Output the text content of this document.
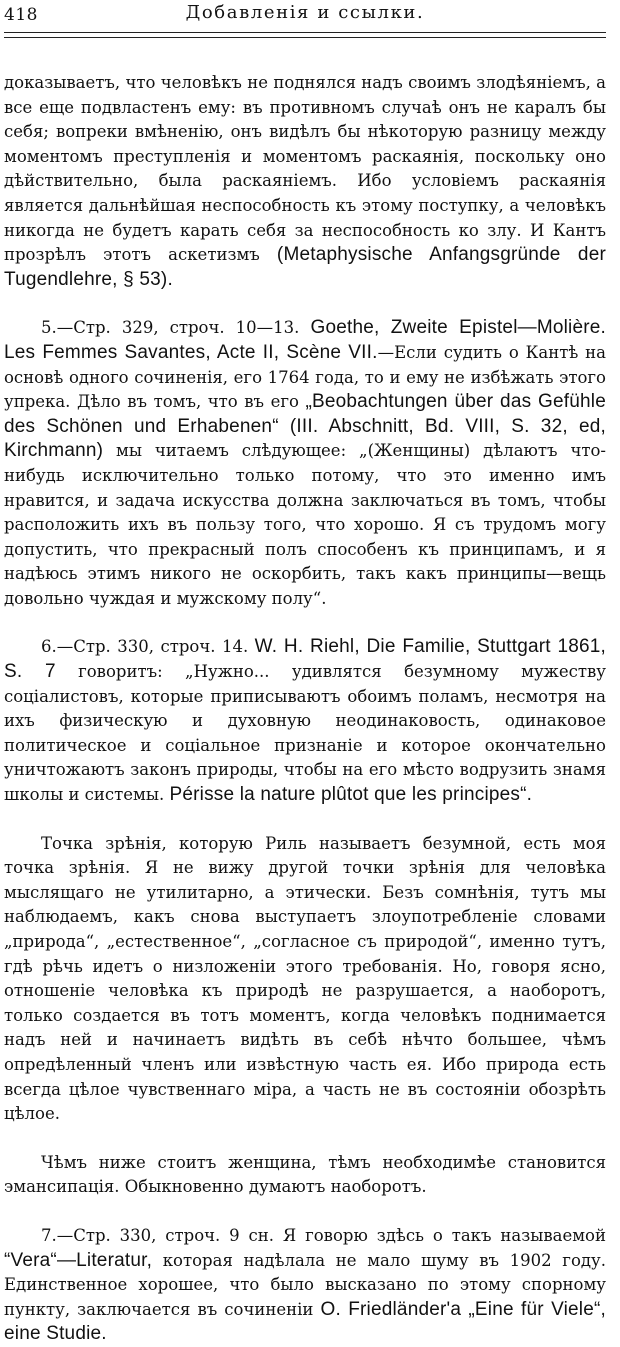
418	Добавленія и ссылки.

доказываетъ, что человѣкъ не поднялся надъ своимъ злодѣяніемъ, а все еще подвластенъ ему: въ противномъ случаѣ онъ не каралъ бы себя; вопреки вмѣненію, онъ видѣлъ бы нѣкоторую разницу между моментомъ преступленія и моментомъ раскаянія, поскольку оно дѣйствительно, была раскаяніемъ. Ибо условіемъ раскаянія является дальнѣйшая неспособность къ этому поступку, а человѣкъ никогда не будетъ карать себя за неспособность ко злу. И Кантъ прозрѣлъ этотъ аскетизмъ (Metaphysische Anfangsgründe der Tugendlehre, § 53).

5.—Стр. 329, строч. 10—13. Goethe, Zweite Epistel—Molière. Les Femmes Savantes, Acte II, Scène VII.—Если судить о Кантѣ на основѣ одного сочиненія, его 1764 года, то и ему не избѣжать этого упрека. Дѣло въ томъ, что въ его „Beobachtungen über das Gefühle des Schönen und Erhabenen“ (III. Abschnitt, Bd. VIII, S. 32, ed, Kirchmann) мы читаемъ слѣдующее: „(Женщины) дѣлаютъ что-нибудь исключительно только потому, что это именно имъ нравится, и задача искусства должна заключаться въ томъ, чтобы расположить ихъ въ пользу того, что хорошо. Я съ трудомъ могу допустить, что прекрасный полъ способенъ къ принципамъ, и я надѣюсь этимъ никого не оскорбить, такъ какъ принципы—вещь довольно чуждая и мужскому полу“.

6.—Стр. 330, строч. 14. W. H. Riehl, Die Familie, Stuttgart 1861, S. 7 говоритъ: „Нужно... удивлятся безумному мужеству соціалистовъ, которые приписываютъ обоимъ поламъ, несмотря на ихъ физическую и духовную неодинаковость, одинаковое политическое и соціальное признаніе и которое окончательно уничтожаютъ законъ природы, чтобы на его мѣсто водрузить знамя школы и системы. Périsse la nature plûtot que les principes“.

Точка зрѣнія, которую Риль называетъ безумной, есть моя точка зрѣнія. Я не вижу другой точки зрѣнія для человѣка мыслящаго не утилитарно, а этически. Безъ сомнѣнія, тутъ мы наблюдаемъ, какъ снова выступаетъ злоупотребленіе словами „природа“, „естественное“, „согласное съ природой“, именно тутъ, гдѣ рѣчь идетъ о низложеніи этого требованія. Но, говоря ясно, отношеніе человѣка къ природѣ не разрушается, а наоборотъ, только создается въ тотъ моментъ, когда человѣкъ поднимается надъ ней и начинаетъ видѣть въ себѣ нѣчто большее, чѣмъ опредѣленный членъ или извѣстную часть ея. Ибо природа есть всегда цѣлое чувственнаго міра, а часть не въ состояніи обозрѣть цѣлое.

Чѣмъ ниже стоитъ женщина, тѣмъ необходимѣе становится эмансипація. Обыкновенно думаютъ наоборотъ.

7.—Стр. 330, строч. 9 сн. Я говорю здѣсь о такъ называемой “Vera“—Literatur, которая надѣлала не мало шуму въ 1902 году. Единственное хорошее, что было высказано по этому спорному пункту, заключается въ сочиненіи O. Friedländer'a „Eine für Viele“, eine Studie.
